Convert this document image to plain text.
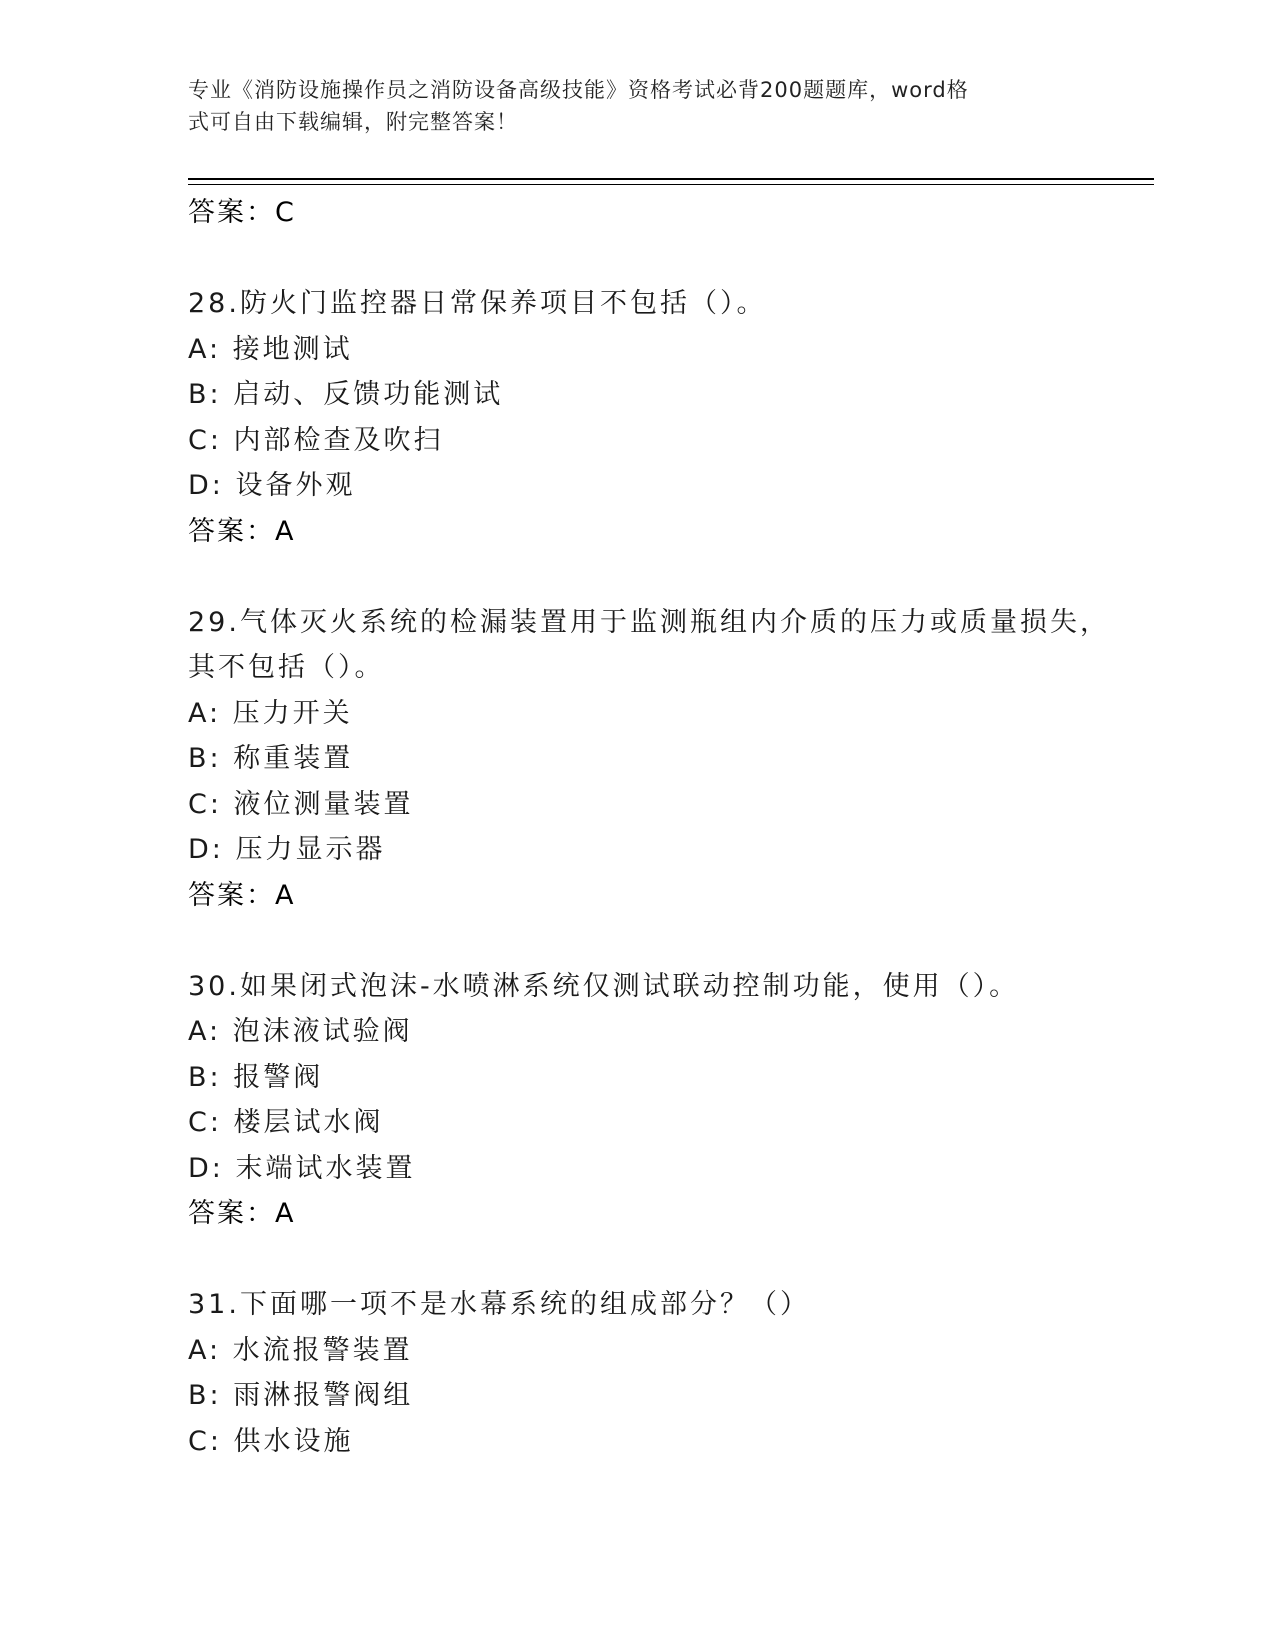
专业《消防设施操作员之消防设备高级技能》资格考试必背200题题库，word格
式可自由下载编辑，附完整答案！
答案：C
28.防火门监控器日常保养项目不包括（）。
A: 接地测试
B: 启动、反馈功能测试
C: 内部检查及吹扫
D: 设备外观
答案：A
29.气体灭火系统的检漏装置用于监测瓶组内介质的压力或质量损失，
其不包括（）。
A: 压力开关
B: 称重装置
C: 液位测量装置
D: 压力显示器
答案：A
30.如果闭式泡沫-水喷淋系统仅测试联动控制功能，使用（）。
A: 泡沫液试验阀
B: 报警阀
C: 楼层试水阀
D: 末端试水装置
答案：A
31.下面哪一项不是水幕系统的组成部分？（）
A: 水流报警装置
B: 雨淋报警阀组
C: 供水设施
